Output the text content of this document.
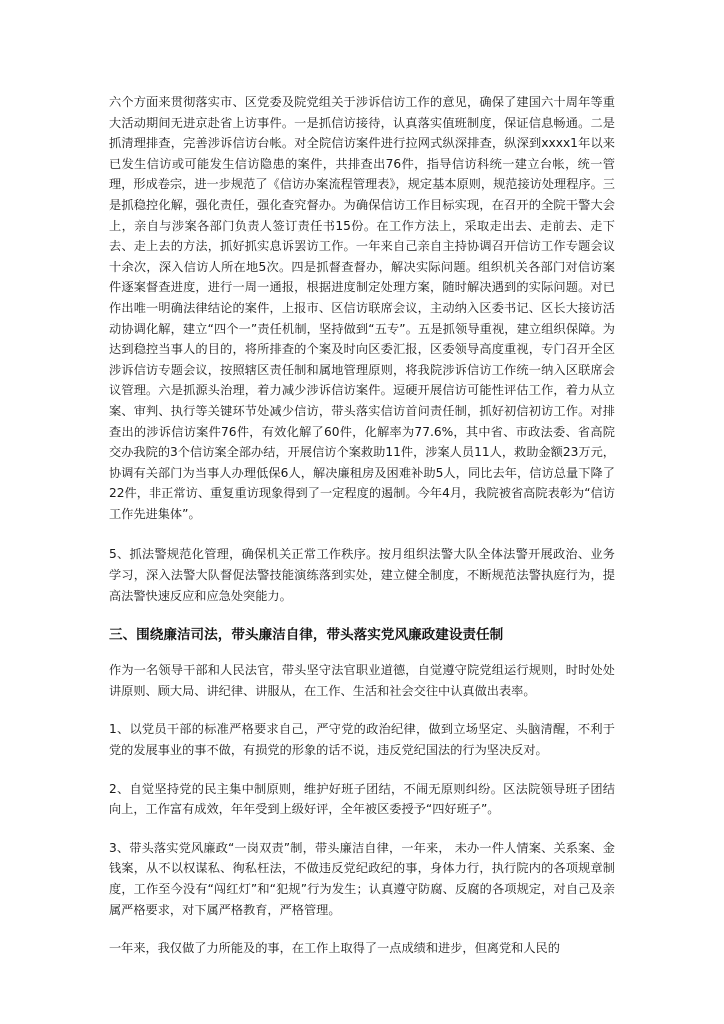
六个方面来贯彻落实市、区党委及院党组关于涉诉信访工作的意见，确保了建国六十周年等重大活动期间无进京赴省上访事件。一是抓信访接待，认真落实值班制度，保证信息畅通。二是抓清理排查，完善涉诉信访台帐。对全院信访案件进行拉网式纵深排查，纵深到xxxx1年以来已发生信访或可能发生信访隐患的案件，共排查出76件，指导信访科统一建立台帐，统一管理，形成卷宗，进一步规范了《信访办案流程管理表》，规定基本原则，规范接访处理程序。三是抓稳控化解，强化责任，强化查究督办。为确保信访工作目标实现，在召开的全院干警大会上，亲自与涉案各部门负责人签订责任书15份。在工作方法上，采取走出去、走前去、走下去、走上去的方法，抓好抓实息诉罢访工作。一年来自己亲自主持协调召开信访工作专题会议十余次，深入信访人所在地5次。四是抓督查督办，解决实际问题。组织机关各部门对信访案件逐案督查进度，进行一周一通报，根据进度制定处理方案，随时解决遇到的实际问题。对已作出唯一明确法律结论的案件，上报市、区信访联席会议，主动纳入区委书记、区长大接访活动协调化解，建立“四个一”责任机制，坚持做到“五专”。五是抓领导重视，建立组织保障。为达到稳控当事人的目的，将所排查的个案及时向区委汇报，区委领导高度重视，专门召开全区涉诉信访专题会议，按照辖区责任制和属地管理原则，将我院涉诉信访工作统一纳入区联席会议管理。六是抓源头治理，着力减少涉诉信访案件。逗硬开展信访可能性评估工作，着力从立案、审判、执行等关键环节处减少信访，带头落实信访首问责任制，抓好初信初访工作。对排查出的涉诉信访案件76件，有效化解了60件，化解率为77.6%，其中省、市政法委、省高院交办我院的3个信访案全部办结，开展信访个案救助11件，涉案人员11人，救助金额23万元，协调有关部门为当事人办理低保6人，解决廉租房及困难补助5人，同比去年，信访总量下降了22件，非正常访、重复重访现象得到了一定程度的遏制。今年4月，我院被省高院表彰为“信访工作先进集体”。

5、抓法警规范化管理，确保机关正常工作秩序。按月组织法警大队全体法警开展政治、业务学习，深入法警大队督促法警技能演练落到实处，建立健全制度，不断规范法警执庭行为，提高法警快速反应和应急处突能力。

三、围绕廉洁司法，带头廉洁自律，带头落实党风廉政建设责任制

作为一名领导干部和人民法官，带头坚守法官职业道德，自觉遵守院党组运行规则，时时处处讲原则、顾大局、讲纪律、讲服从，在工作、生活和社会交往中认真做出表率。

1、以党员干部的标准严格要求自己，严守党的政治纪律，做到立场坚定、头脑清醒，不利于党的发展事业的事不做，有损党的形象的话不说，违反党纪国法的行为坚决反对。

2、自觉坚持党的民主集中制原则，维护好班子团结，不闹无原则纠纷。区法院领导班子团结向上，工作富有成效，年年受到上级好评，全年被区委授予“四好班子”。

3、带头落实党风廉政“一岗双责”制，带头廉洁自律，一年来， 未办一件人情案、关系案、金钱案，从不以权谋私、徇私枉法，不做违反党纪政纪的事，身体力行，执行院内的各项规章制度，工作至今没有“闯红灯”和“犯规”行为发生；认真遵守防腐、反腐的各项规定，对自己及亲属严格要求，对下属严格教育，严格管理。

一年来，我仅做了力所能及的事，在工作上取得了一点成绩和进步，但离党和人民的
